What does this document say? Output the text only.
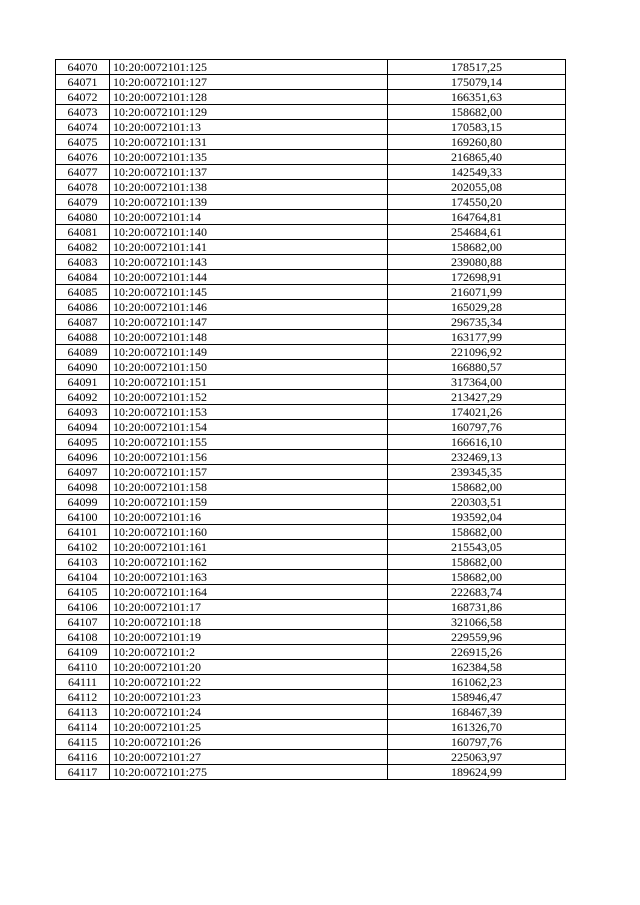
64070	10:20:0072101:125	178517,25
64071	10:20:0072101:127	175079,14
64072	10:20:0072101:128	166351,63
64073	10:20:0072101:129	158682,00
64074	10:20:0072101:13	170583,15
64075	10:20:0072101:131	169260,80
64076	10:20:0072101:135	216865,40
64077	10:20:0072101:137	142549,33
64078	10:20:0072101:138	202055,08
64079	10:20:0072101:139	174550,20
64080	10:20:0072101:14	164764,81
64081	10:20:0072101:140	254684,61
64082	10:20:0072101:141	158682,00
64083	10:20:0072101:143	239080,88
64084	10:20:0072101:144	172698,91
64085	10:20:0072101:145	216071,99
64086	10:20:0072101:146	165029,28
64087	10:20:0072101:147	296735,34
64088	10:20:0072101:148	163177,99
64089	10:20:0072101:149	221096,92
64090	10:20:0072101:150	166880,57
64091	10:20:0072101:151	317364,00
64092	10:20:0072101:152	213427,29
64093	10:20:0072101:153	174021,26
64094	10:20:0072101:154	160797,76
64095	10:20:0072101:155	166616,10
64096	10:20:0072101:156	232469,13
64097	10:20:0072101:157	239345,35
64098	10:20:0072101:158	158682,00
64099	10:20:0072101:159	220303,51
64100	10:20:0072101:16	193592,04
64101	10:20:0072101:160	158682,00
64102	10:20:0072101:161	215543,05
64103	10:20:0072101:162	158682,00
64104	10:20:0072101:163	158682,00
64105	10:20:0072101:164	222683,74
64106	10:20:0072101:17	168731,86
64107	10:20:0072101:18	321066,58
64108	10:20:0072101:19	229559,96
64109	10:20:0072101:2	226915,26
64110	10:20:0072101:20	162384,58
64111	10:20:0072101:22	161062,23
64112	10:20:0072101:23	158946,47
64113	10:20:0072101:24	168467,39
64114	10:20:0072101:25	161326,70
64115	10:20:0072101:26	160797,76
64116	10:20:0072101:27	225063,97
64117	10:20:0072101:275	189624,99
